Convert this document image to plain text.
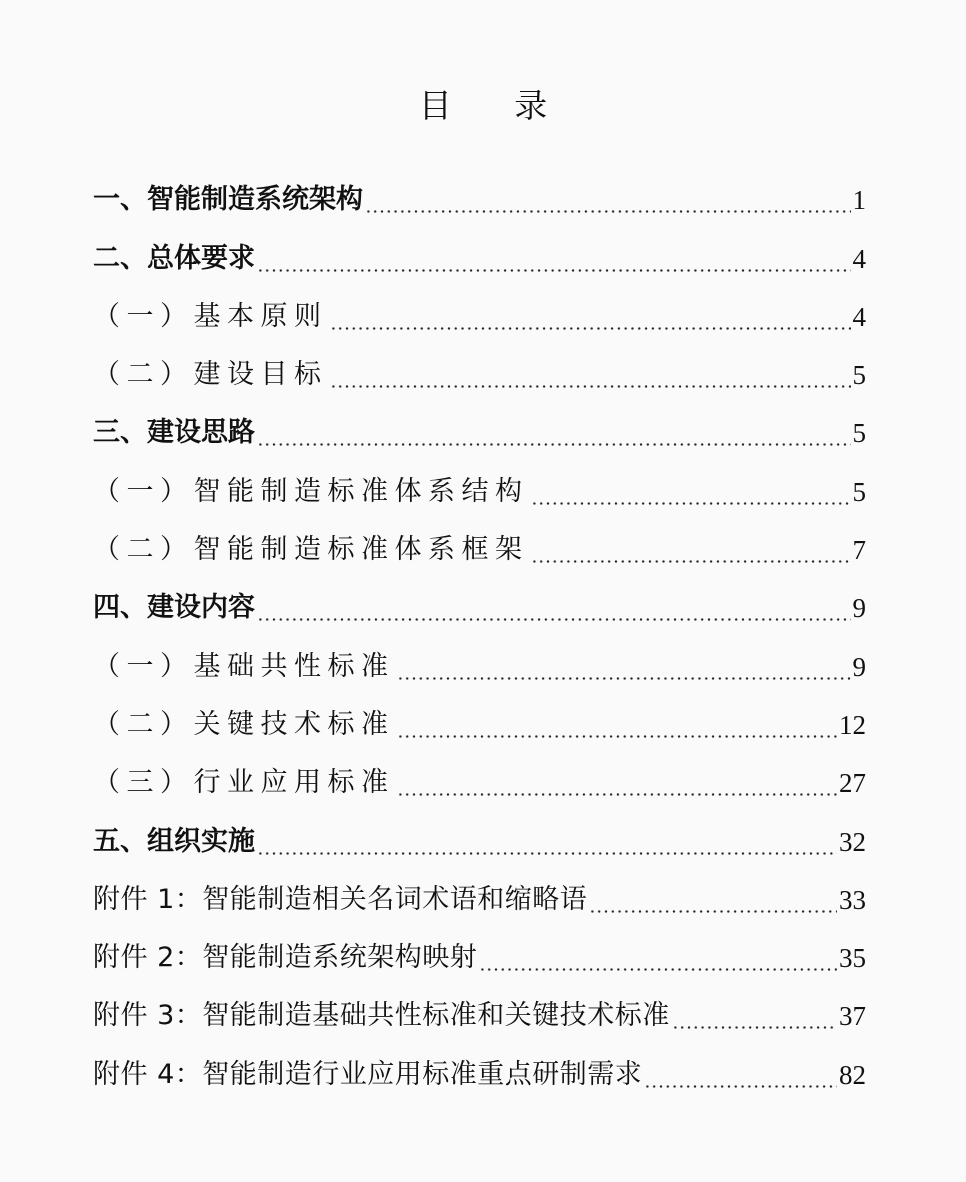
目 录
一、智能制造系统架构	1
二、总体要求	4
（一）基本原则	4
（二）建设目标	5
三、建设思路	5
（一）智能制造标准体系结构	5
（二）智能制造标准体系框架	7
四、建设内容	9
（一）基础共性标准	9
（二）关键技术标准	12
（三）行业应用标准	27
五、组织实施	32
附件 1：智能制造相关名词术语和缩略语	33
附件 2：智能制造系统架构映射	35
附件 3：智能制造基础共性标准和关键技术标准	37
附件 4：智能制造行业应用标准重点研制需求	82
